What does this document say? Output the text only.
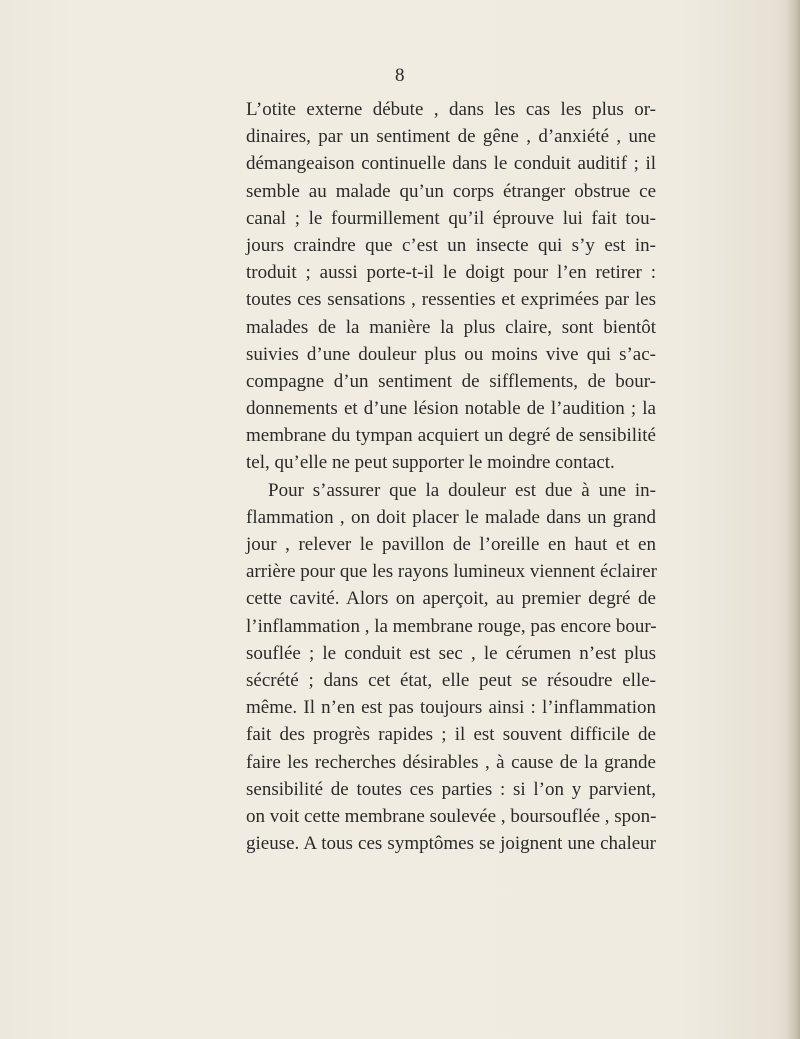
8
L’otite externe débute , dans les cas les plus or-
dinaires, par un sentiment de gêne , d’anxiété , une
démangeaison continuelle dans le conduit auditif ; il
semble au malade qu’un corps étranger obstrue ce
canal ; le fourmillement qu’il éprouve lui fait tou-
jours craindre que c’est un insecte qui s’y est in-
troduit ; aussi porte-t-il le doigt pour l’en retirer :
toutes ces sensations , ressenties et exprimées par les
malades de la manière la plus claire, sont bientôt
suivies d’une douleur plus ou moins vive qui s’ac-
compagne d’un sentiment de sifflements, de bour-
donnements et d’une lésion notable de l’audition ; la
membrane du tympan acquiert un degré de sensibilité
tel, qu’elle ne peut supporter le moindre contact.
Pour s’assurer que la douleur est due à une in-
flammation , on doit placer le malade dans un grand
jour , relever le pavillon de l’oreille en haut et en
arrière pour que les rayons lumineux viennent éclairer
cette cavité. Alors on aperçoit, au premier degré de
l’inflammation , la membrane rouge, pas encore bour-
souflée ; le conduit est sec , le cérumen n’est plus
sécrété ; dans cet état, elle peut se résoudre elle-
même. Il n’en est pas toujours ainsi : l’inflammation
fait des progrès rapides ; il est souvent difficile de
faire les recherches désirables , à cause de la grande
sensibilité de toutes ces parties : si l’on y parvient,
on voit cette membrane soulevée , boursouflée , spon-
gieuse. A tous ces symptômes se joignent une chaleur
